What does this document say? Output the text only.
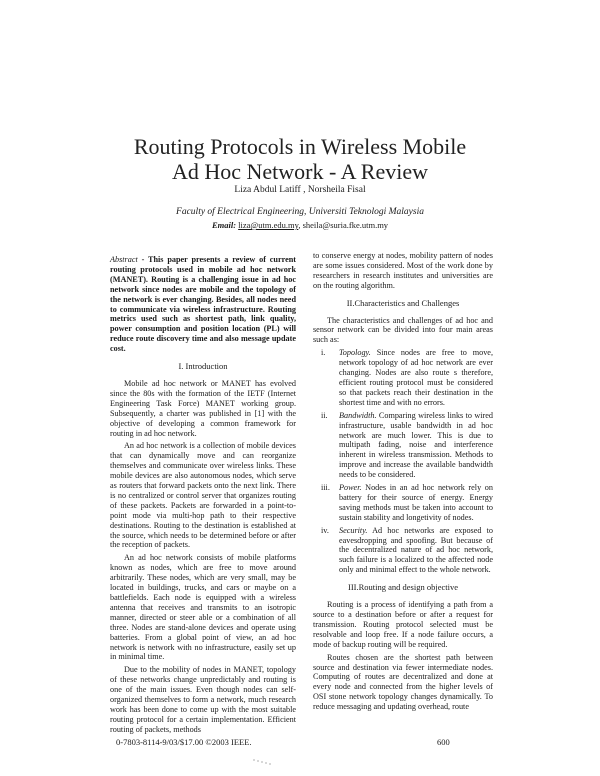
Routing Protocols in Wireless Mobile
Ad Hoc Network - A Review
Liza Abdul Latiff , Norsheila Fisal
Faculty of Electrical Engineering, Universiti Teknologi Malaysia
Email: liza@utm.edu.my, sheila@suria.fke.utm.my

Abstract - This paper presents a review of current routing protocols used in mobile ad hoc network (MANET). Routing is a challenging issue in ad hoc network since nodes are mobile and the topology of the network is ever changing. Besides, all nodes need to communicate via wireless infrastructure. Routing metrics used such as shortest path, link quality, power consumption and position location (PL) will reduce route discovery time and also message update cost.

I. Introduction

Mobile ad hoc network or MANET has evolved since the 80s with the formation of the IETF (Internet Engineering Task Force) MANET working group. Subsequently, a charter was published in [1] with the objective of developing a common framework for routing in ad hoc network.

An ad hoc network is a collection of mobile devices that can dynamically move and can reorganize themselves and communicate over wireless links. These mobile devices are also autonomous nodes, which serve as routers that forward packets onto the next link. There is no centralized or control server that organizes routing of these packets. Packets are forwarded in a point-to-point mode via multi-hop path to their respective destinations. Routing to the destination is established at the source, which needs to be determined before or after the reception of packets.

An ad hoc network consists of mobile platforms known as nodes, which are free to move around arbitrarily. These nodes, which are very small, may be located in buildings, trucks, and cars or maybe on a battlefields. Each node is equipped with a wireless antenna that receives and transmits to an isotropic manner, directed or steer able or a combination of all three. Nodes are stand-alone devices and operate using batteries. From a global point of view, an ad hoc network is network with no infrastructure, easily set up in minimal time.

Due to the mobility of nodes in MANET, topology of these networks change unpredictably and routing is one of the main issues. Even though nodes can self-organized themselves to form a network, much research work has been done to come up with the most suitable routing protocol for a certain implementation. Efficient routing of packets, methods

to conserve energy at nodes, mobility pattern of nodes are some issues considered. Most of the work done by researchers in research institutes and universities are on the routing algorithm.

II.Characteristics and Challenges

The characteristics and challenges of ad hoc and sensor network can be divided into four main areas such as:

i. Topology. Since nodes are free to move, network topology of ad hoc network are ever changing. Nodes are also route s therefore, efficient routing protocol must be considered so that packets reach their destination in the shortest time and with no errors.
ii. Bandwidth. Comparing wireless links to wired infrastructure, usable bandwidth in ad hoc network are much lower. This is due to multipath fading, noise and interference inherent in wireless transmission. Methods to improve and increase the available bandwidth needs to be considered.
iii. Power. Nodes in an ad hoc network rely on battery for their source of energy. Energy saving methods must be taken into account to sustain stability and longetivity of nodes.
iv. Security. Ad hoc networks are exposed to eavesdropping and spoofing. But because of the decentralized nature of ad hoc network, such failure is a localized to the affected node only and minimal effect to the whole network.
III.Routing and design objective

Routing is a process of identifying a path from a source to a destination before or after a request for transmission. Routing protocol selected must be resolvable and loop free. If a node failure occurs, a mode of backup routing will be required.

Routes chosen are the shortest path between source and destination via fewer intermediate nodes. Computing of routes are decentralized and done at every node and connected from the higher levels of OSI stone network topology changes dynamically. To reduce messaging and updating overhead, route

0-7803-8114-9/03/$17.00 ©2003 IEEE.	600
